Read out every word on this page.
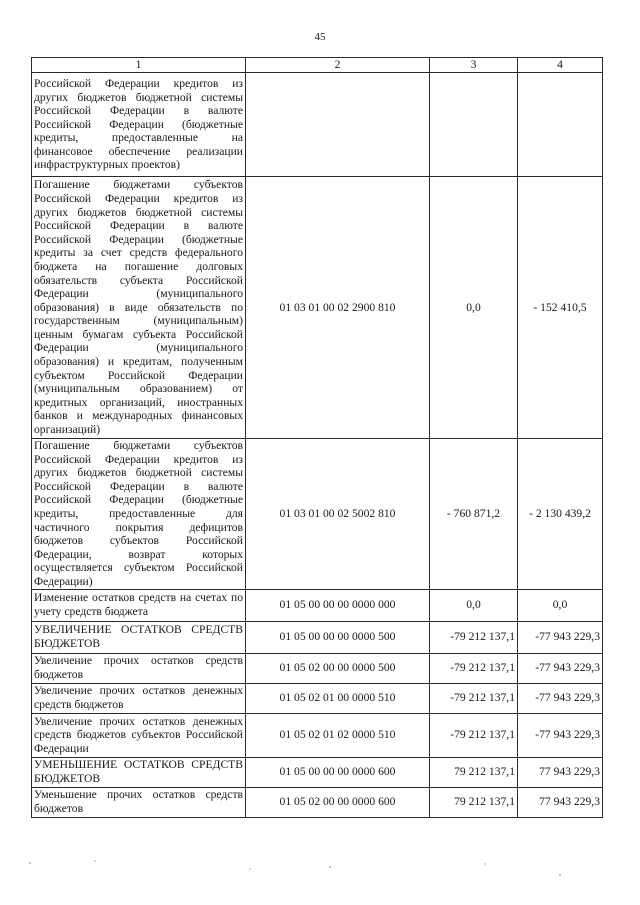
45
1	2	3	4
Российской Федерации кредитов из других бюджетов бюджетной системы Российской Федерации в валюте Российской Федерации (бюджетные кредиты, предоставленные на финансовое обеспечение реализации инфраструктурных проектов)			
Погашение бюджетами субъектов Российской Федерации кредитов из других бюджетов бюджетной системы Российской Федерации в валюте Российской Федерации (бюджетные кредиты за счет средств федерального бюджета на погашение долговых обязательств субъекта Российской Федерации (муниципального образования) в виде обязательств по государственным (муниципальным) ценным бумагам субъекта Российской Федерации (муниципального образования) и кредитам, полученным субъектом Российской Федерации (муниципальным образованием) от кредитных организаций, иностранных банков и международных финансовых организаций)	01 03 01 00 02 2900 810	0,0	- 152 410,5
Погашение бюджетами субъектов Российской Федерации кредитов из других бюджетов бюджетной системы Российской Федерации в валюте Российской Федерации (бюджетные кредиты, предоставленные для частичного покрытия дефицитов бюджетов субъектов Российской Федерации, возврат которых осуществляется субъектом Российской Федерации)	01 03 01 00 02 5002 810	- 760 871,2	- 2 130 439,2
Изменение остатков средств на счетах по учету средств бюджета	01 05 00 00 00 0000 000	0,0	0,0
УВЕЛИЧЕНИЕ ОСТАТКОВ СРЕДСТВ БЮДЖЕТОВ	01 05 00 00 00 0000 500	-79 212 137,1	-77 943 229,3
Увеличение прочих остатков средств бюджетов	01 05 02 00 00 0000 500	-79 212 137,1	-77 943 229,3
Увеличение прочих остатков денежных средств бюджетов	01 05 02 01 00 0000 510	-79 212 137,1	-77 943 229,3
Увеличение прочих остатков денежных средств бюджетов субъектов Российской Федерации	01 05 02 01 02 0000 510	-79 212 137,1	-77 943 229,3
УМЕНЬШЕНИЕ ОСТАТКОВ СРЕДСТВ БЮДЖЕТОВ	01 05 00 00 00 0000 600	79 212 137,1	77 943 229,3
Уменьшение прочих остатков средств бюджетов	01 05 02 00 00 0000 600	79 212 137,1	77 943 229,3
